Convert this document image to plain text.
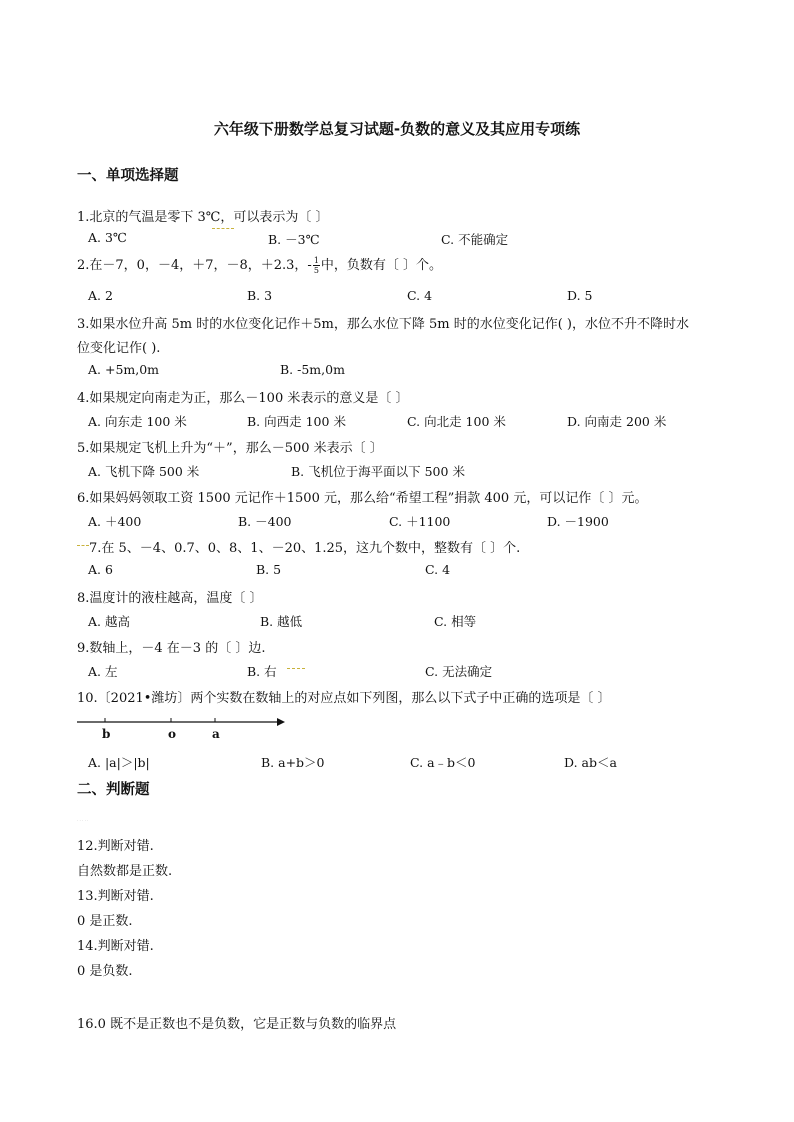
六年级下册数学总复习试题-负数的意义及其应用专项练
一、单项选择题
1.北京的气温是零下 3℃，可以表示为〔 〕
A. 3℃	B. －3℃	C. 不能确定
2.在－7，0，－4，＋7，－8，＋2.3，- $\frac{1}{5}$ 中，负数有〔 〕个。
A. 2	B. 3	C. 4	D. 5
3.如果水位升高 5m 时的水位变化记作＋5m，那么水位下降 5m 时的水位变化记作( )，水位不升不降时水
位变化记作( ).
A. +5m,0m	B. -5m,0m
4.如果规定向南走为正，那么－100 米表示的意义是〔 〕
A. 向东走 100 米	B. 向西走 100 米	C. 向北走 100 米	D. 向南走 200 米
5.如果规定飞机上升为“＋”，那么－500 米表示〔 〕
A. 飞机下降 500 米	B. 飞机位于海平面以下 500 米
6.如果妈妈领取工资 1500 元记作＋1500 元，那么给“希望工程”捐款 400 元，可以记作〔 〕元。
A. ＋400	B. －400	C. ＋1100	D. －1900
7.在 5、－4、0.7、0、8、1、－20、1.25，这九个数中，整数有〔 〕个.
A. 6	B. 5	C. 4
8.温度计的液柱越高，温度〔 〕
A. 越高	B. 越低	C. 相等
9.数轴上，－4 在－3 的〔 〕边.
A. 左	B. 右	C. 无法确定
10.〔2021•潍坊〕两个实数在数轴上的对应点如下列图，那么以下式子中正确的选项是〔 〕
b	o	a
A. |a|＞|b|	B. a+b＞0	C. a﹣b＜0	D. ab＜a
二、判断题
· · · · ·
12.判断对错.
自然数都是正数.
13.判断对错.
0 是正数.
14.判断对错.
0 是负数.
16.0 既不是正数也不是负数，它是正数与负数的临界点
